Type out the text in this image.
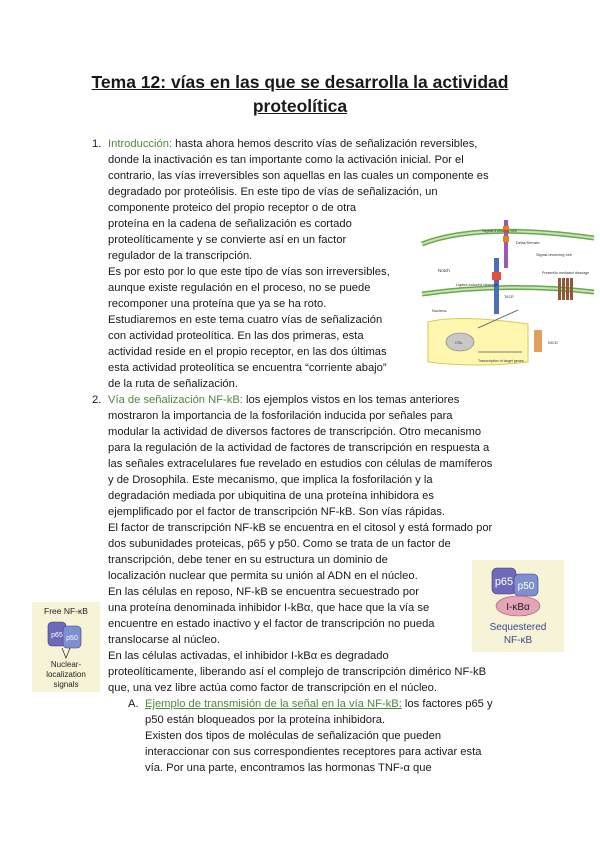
Tema 12: vías en las que se desarrolla la actividad
proteolítica
1. Introducción: hasta ahora hemos descrito vías de señalización reversibles,
donde la inactivación es tan importante como la activación inicial. Por el
contrario, las vías irreversibles son aquellas en las cuales un componente es
degradado por proteólisis. En este tipo de vías de señalización, un
componente proteico del propio receptor o de otra
proteína en la cadena de señalización es cortado
proteolíticamente y se convierte así en un factor
regulador de la transcripción.
Es por esto por lo que este tipo de vías son irreversibles,
aunque existe regulación en el proceso, no se puede
recomponer una proteína que ya se ha roto.
Estudiaremos en este tema cuatro vías de señalización
con actividad proteolítica. En las dos primeras, esta
actividad reside en el propio receptor, en las dos últimas
esta actividad proteolítica se encuentra “corriente abajo”
de la ruta de señalización.
2. Vía de señalización NF-kB: los ejemplos vistos en los temas anteriores
mostraron la importancia de la fosforilación inducida por señales para
modular la actividad de diversos factores de transcripción. Otro mecanismo
para la regulación de la actividad de factores de transcripción en respuesta a
las señales extracelulares fue revelado en estudios con células de mamíferos
y de Drosophila. Este mecanismo, que implica la fosforilación y la
degradación mediada por ubiquitina de una proteína inhibidora es
ejemplificado por el factor de transcripción NF-kB. Son vías rápidas.
El factor de transcripción NF-kB se encuentra en el citosol y está formado por
dos subunidades proteicas, p65 y p50. Como se trata de un factor de
transcripción, debe tener en su estructura un dominio de
localización nuclear que permita su unión al ADN en el núcleo.
En las células en reposo, NF-kB se encuentra secuestrado por
una proteína denominada inhibidor I-kBα, que hace que la vía se
encuentre en estado inactivo y el factor de transcripción no pueda
translocarse al núcleo.
En las células activadas, el inhibidor I-kBα es degradado
proteolíticamente, liberando así el complejo de transcripción dimérico NF-kB
que, una vez libre actúa como factor de transcripción en el núcleo.
A. Ejemplo de transmisión de la señal en la vía NF-kB: los factores p65 y
p50 están bloqueados por la proteína inhibidora.
Existen dos tipos de moléculas de señalización que pueden
interaccionar con sus correspondientes receptores para activar esta
vía. Por una parte, encontramos las hormonas TNF-α que
Notch
Signal-inducing cell
Delta/Serrate
Signal-receiving cell
Ligand-induced cleavage
TACE
Presenilin-mediated cleavage
Nucleus
CSL
Transcription of target genes
NICD
Free NF-κB
p65 p50
Nuclear-
localization
signals
p65 p50
I-κBα
Sequestered
NF-κB
